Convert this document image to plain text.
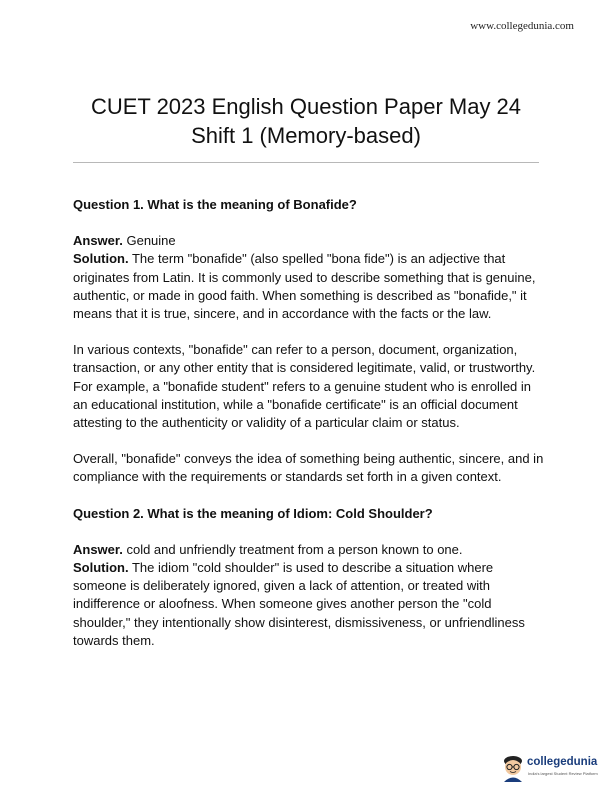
www.collegedunia.com
CUET 2023 English Question Paper May 24
Shift 1 (Memory-based)

Question 1. What is the meaning of Bonafide?

Answer. Genuine

Solution. The term "bonafide" (also spelled "bona fide") is an adjective that originates from Latin. It is commonly used to describe something that is genuine, authentic, or made in good faith. When something is described as "bonafide," it means that it is true, sincere, and in accordance with the facts or the law.

In various contexts, "bonafide" can refer to a person, document, organization, transaction, or any other entity that is considered legitimate, valid, or trustworthy. For example, a "bonafide student" refers to a genuine student who is enrolled in an educational institution, while a "bonafide certificate" is an official document attesting to the authenticity or validity of a particular claim or status.

Overall, "bonafide" conveys the idea of something being authentic, sincere, and in compliance with the requirements or standards set forth in a given context.

Question 2. What is the meaning of Idiom: Cold Shoulder?

Answer. cold and unfriendly treatment from a person known to one.

Solution. The idiom "cold shoulder" is used to describe a situation where someone is deliberately ignored, given a lack of attention, or treated with indifference or aloofness. When someone gives another person the "cold shoulder," they intentionally show disinterest, dismissiveness, or unfriendliness towards them.

collegedunia
India's largest Student Review Platform
